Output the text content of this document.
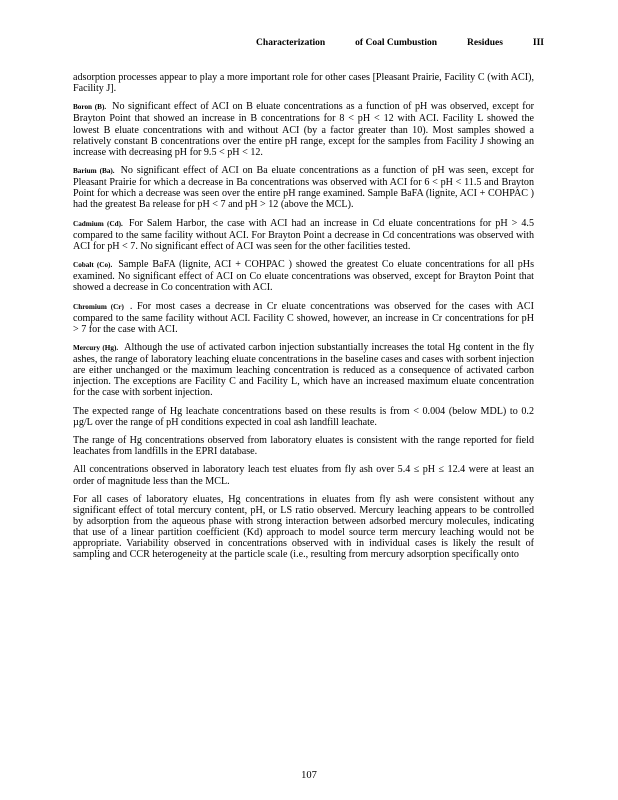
Characterization	of Coal Cumbustion	Residues	III

adsorption processes appear to play a more important role for other cases [Pleasant Prairie, Facility C (with ACI), Facility J].

Boron (B). No significant effect of ACI on B eluate concentrations as a function of pH was observed, except for Brayton Point that showed an increase in B concentrations for 8 < pH < 12 with ACI. Facility L showed the lowest B eluate concentrations with and without ACI (by a factor greater than 10). Most samples showed a relatively constant B concentrations over the entire pH range, except for the samples from Facility J showing an increase with decreasing pH for 9.5 < pH < 12.

Barium (Ba). No significant effect of ACI on Ba eluate concentrations as a function of pH was seen, except for Pleasant Prairie for which a decrease in Ba concentrations was observed with ACI for 6 < pH < 11.5 and Brayton Point for which a decrease was seen over the entire pH range examined. Sample BaFA (lignite, ACI + COHPAC ) had the greatest Ba release for pH < 7 and pH > 12 (above the MCL).

Cadmium (Cd). For Salem Harbor, the case with ACI had an increase in Cd eluate concentrations for pH > 4.5 compared to the same facility without ACI. For Brayton Point a decrease in Cd concentrations was observed with ACI for pH < 7. No significant effect of ACI was seen for the other facilities tested.

Cobalt (Co). Sample BaFA (lignite, ACI + COHPAC ) showed the greatest Co eluate concentrations for all pHs examined. No significant effect of ACI on Co eluate concentrations was observed, except for Brayton Point that showed a decrease in Co concentration with ACI.

Chromium (Cr) . For most cases a decrease in Cr eluate concentrations was observed for the cases with ACI compared to the same facility without ACI. Facility C showed, however, an increase in Cr concentrations for pH > 7 for the case with ACI.

Mercury (Hg). Although the use of activated carbon injection substantially increases the total Hg content in the fly ashes, the range of laboratory leaching eluate concentrations in the baseline cases and cases with sorbent injection are either unchanged or the maximum leaching concentration is reduced as a consequence of activated carbon injection. The exceptions are Facility C and Facility L, which have an increased maximum eluate concentration for the case with sorbent injection.

The expected range of Hg leachate concentrations based on these results is from < 0.004 (below MDL) to 0.2 µg/L over the range of pH conditions expected in coal ash landfill leachate.

The range of Hg concentrations observed from laboratory eluates is consistent with the range reported for field leachates from landfills in the EPRI database.

All concentrations observed in laboratory leach test eluates from fly ash over 5.4 ≤ pH ≤ 12.4 were at least an order of magnitude less than the MCL.

For all cases of laboratory eluates, Hg concentrations in eluates from fly ash were consistent without any significant effect of total mercury content, pH, or LS ratio observed. Mercury leaching appears to be controlled by adsorption from the aqueous phase with strong interaction between adsorbed mercury molecules, indicating that use of a linear partition coefficient (Kd) approach to model source term mercury leaching would not be appropriate. Variability observed in concentrations observed with in individual cases is likely the result of sampling and CCR heterogeneity at the particle scale (i.e., resulting from mercury adsorption specifically onto

107
